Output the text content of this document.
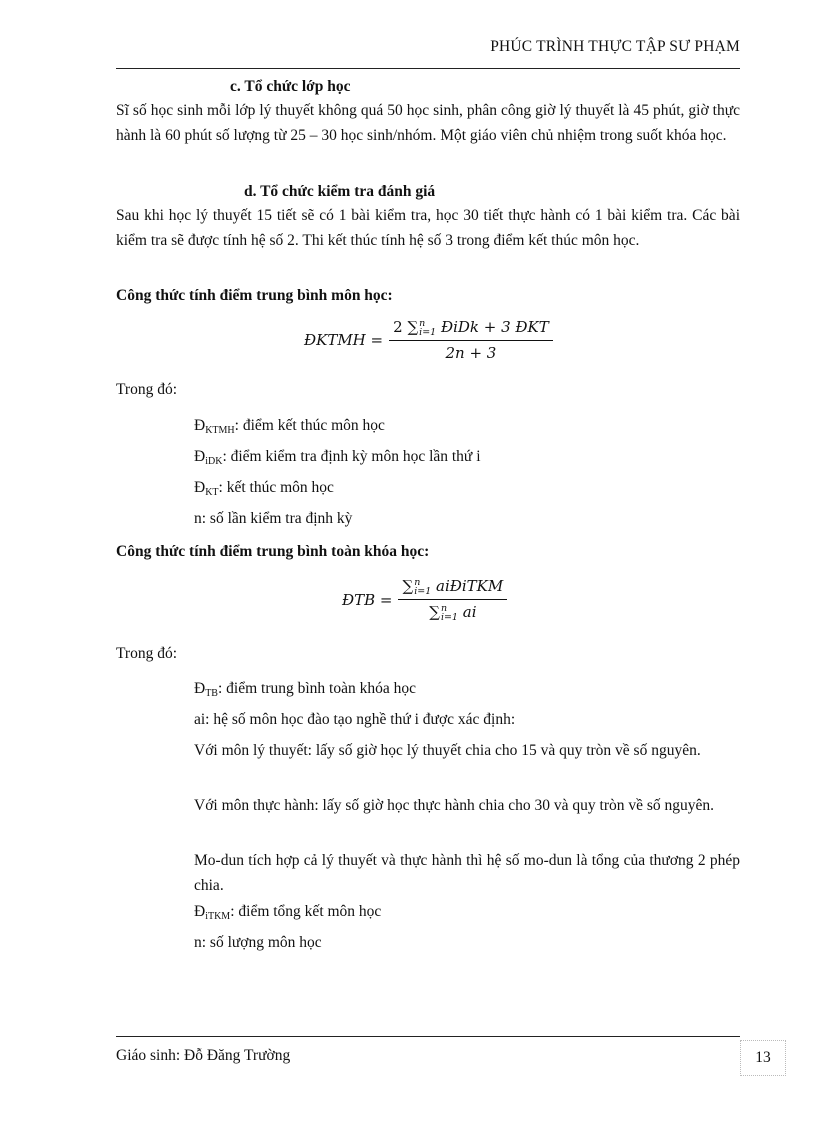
PHÚC TRÌNH THỰC TẬP SƯ PHẠM
c. Tổ chức lớp học
Sĩ số học sinh mỗi lớp lý thuyết không quá 50 học sinh, phân công giờ lý thuyết là 45 phút, giờ thực hành là 60 phút số lượng từ 25 – 30 học sinh/nhóm. Một giáo viên chủ nhiệm trong suốt khóa học.
d. Tổ chức kiểm tra đánh giá
Sau khi học lý thuyết 15 tiết sẽ có 1 bài kiểm tra, học 30 tiết thực hành có 1 bài kiểm tra. Các bài kiểm tra sẽ được tính hệ số 2. Thi kết thúc tính hệ số 3 trong điểm kết thúc môn học.
Công thức tính điểm trung bình môn học:
ĐKTMH = 2 ∑ n
i=1 ĐiDk + 3 ĐKT
2n + 3
Trong đó:
$Đ_{KTMH}$: điểm kết thúc môn học
$Đ_{iDK}$: điểm kiểm tra định kỳ môn học lần thứ i
$Đ_{KT}$: kết thúc môn học
n: số lần kiểm tra định kỳ
Công thức tính điểm trung bình toàn khóa học:
ĐTB = ∑ n
i=1 aiĐiTKM
∑ n
i=1 ai
Trong đó:
$Đ_{TB}$: điểm trung bình toàn khóa học
ai: hệ số môn học đào tạo nghề thứ i được xác định:
Với môn lý thuyết: lấy số giờ học lý thuyết chia cho 15 và quy tròn về số nguyên.
Với môn thực hành: lấy số giờ học thực hành chia cho 30 và quy tròn về số nguyên.
Mo-dun tích hợp cả lý thuyết và thực hành thì hệ số mo-dun là tổng của thương 2 phép chia.
$Đ_{iTKM}$: điểm tổng kết môn học
n: số lượng môn học
Giáo sinh: Đỗ Đăng Trường	13
